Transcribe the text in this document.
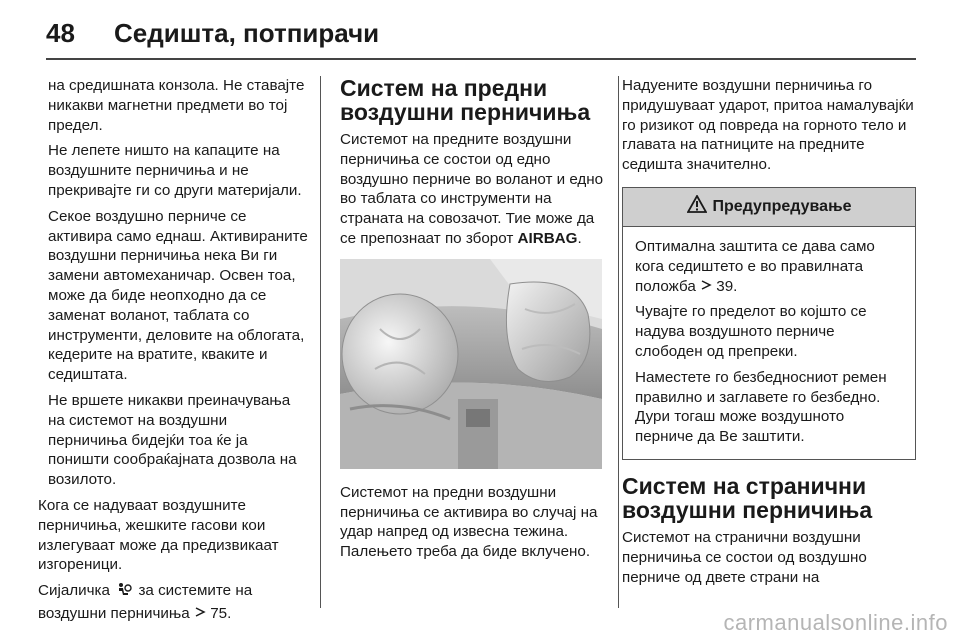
48 Седишта, потпирачи

на средишната конзола. Не ставајте никакви магнетни предмети во тој предел.

Не лепете ништо на капаците на воздушните перничиња и не прекривајте ги со други материјали.

Секое воздушно перниче се активира само еднаш. Активираните воздушни перничиња нека Ви ги замени автомеханичар. Освен тоа, може да биде неопходно да се заменат воланот, таблата со инструменти, деловите на облогата, кедерите на вратите, кваките и седиштата.

Не вршете никакви преиначувања на системот на воздушни перничиња бидејќи тоа ќе ја поништи сообраќајната дозвола на возилото.

Кога се надуваат воздушните перничиња, жешките гасови кои излегуваат може да предизвикаат изгореници.

Сијаличка за системите на воздушни перничиња 75.

Систем на предни воздушни перничиња

Системот на предните воздушни перничиња се состои од едно воздушно перниче во воланот и едно во таблата со инструменти на страната на совозачот. Тие може да се препознаат по зборот AIRBAG.

Системот на предни воздушни перничиња се активира во случај на удар напред од извесна тежина. Палењето треба да биде вклучено.

Надуените воздушни перничиња го придушуваат ударот, притоа намалувајќи го ризикот од повреда на горното тело и главата на патниците на предните седишта значително.

Предупредување

Оптимална заштита се дава само кога седиштето е во правилната положба 39.

Чувајте го пределот во којшто се надува воздушното перниче слободен од препреки.

Наместете го безбедносниот ремен правилно и заглавете го безбедно. Дури тогаш може воздушното перниче да Ве заштити.

Систем на странични воздушни перничиња

Системот на странични воздушни перничиња се состои од воздушно перниче од двете страни на

carmanualsonline.info
